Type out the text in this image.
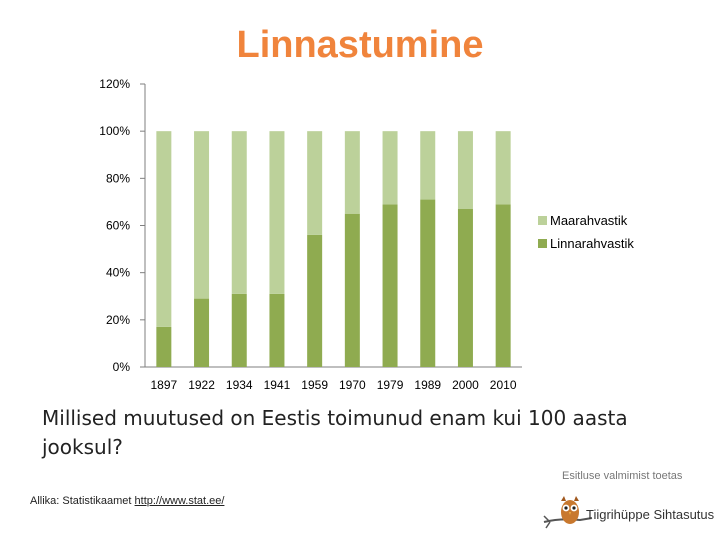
Linnastumine
0%
20%
40%
60%
80%
100%
120%
1897 1922 1934 1941 1959 1970 1979 1989 2000 2010
Maarahvastik
Linnarahvastik
Millised muutused on Eestis toimunud enam kui 100 aasta jooksul?
Allika: Statistikaamet http://www.stat.ee/
Esitluse valmimist toetas
Tiigrihüppe Sihtasutus
